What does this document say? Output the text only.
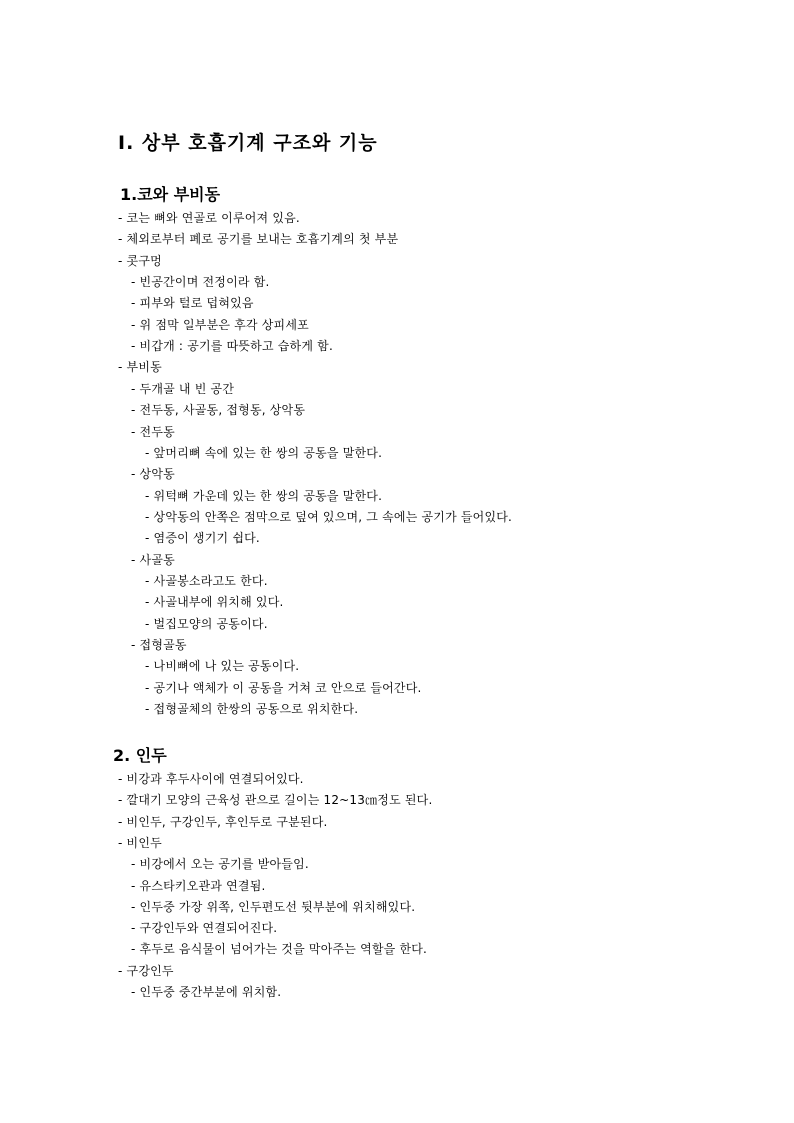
Ⅰ. 상부 호흡기계 구조와 기능
1.코와 부비동
- 코는 뼈와 연골로 이루어져 있음.
- 체외로부터 폐로 공기를 보내는 호흡기계의 첫 부분
- 콧구멍
- 빈공간이며 전정이라 함.
- 피부와 털로 덥혀있음
- 위 점막 일부분은 후각 상피세포
- 비갑개 : 공기를 따뜻하고 습하게 함.
- 부비동
- 두개골 내 빈 공간
- 전두동, 사골동, 접형동, 상악동
- 전두동
- 앞머리뼈 속에 있는 한 쌍의 공동을 말한다.
- 상악동
- 위턱뼈 가운데 있는 한 쌍의 공동을 말한다.
- 상악동의 안쪽은 점막으로 덮여 있으며, 그 속에는 공기가 들어있다.
- 염증이 생기기 쉽다.
- 사골동
- 사골봉소라고도 한다.
- 사골내부에 위치해 있다.
- 벌집모양의 공동이다.
- 접형골동
- 나비뼈에 나 있는 공동이다.
- 공기나 액체가 이 공동을 거쳐 코 안으로 들어간다.
- 접형골체의 한쌍의 공동으로 위치한다.
2. 인두
- 비강과 후두사이에 연결되어있다.
- 깔대기 모양의 근육성 관으로 길이는 12~13㎝정도 된다.
- 비인두, 구강인두, 후인두로 구분된다.
- 비인두
- 비강에서 오는 공기를 받아들임.
- 유스타키오관과 연결됨.
- 인두중 가장 위쪽, 인두편도선 뒷부분에 위치해있다.
- 구강인두와 연결되어진다.
- 후두로 음식물이 넘어가는 것을 막아주는 역할을 한다.
- 구강인두
- 인두중 중간부분에 위치함.
